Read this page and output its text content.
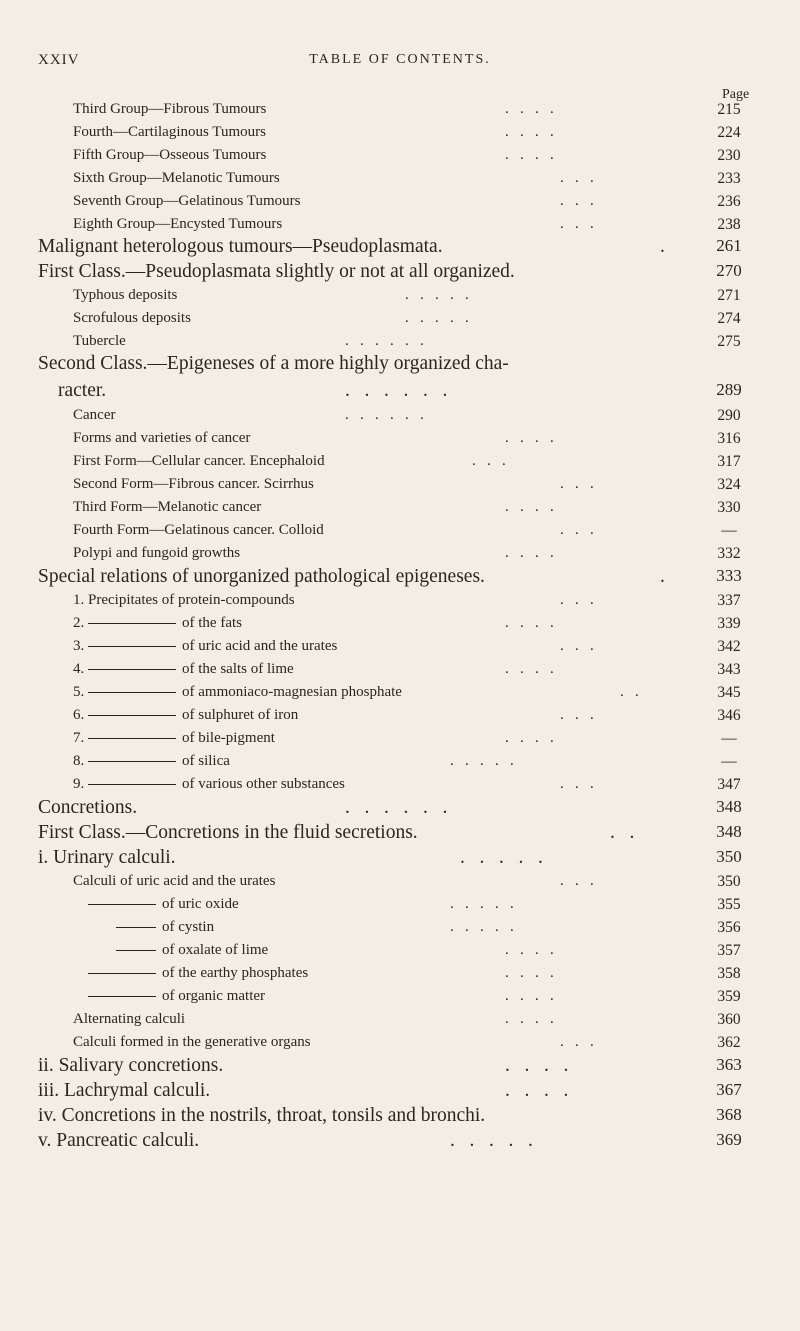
XXIV	TABLE OF CONTENTS.
Page
Third Group—Fibrous Tumours	.   .   .   .	215
Fourth—Cartilaginous Tumours	.   .   .   .	224
Fifth Group—Osseous Tumours	.   .   .   .	230
Sixth Group—Melanotic Tumours	.   .   .	233
Seventh Group—Gelatinous Tumours	.   .   .	236
Eighth Group—Encysted Tumours	.   .   .	238
Malignant heterologous tumours—Pseudoplasmata.	.	261
First Class.—Pseudoplasmata slightly or not at all organized.	270
Typhous deposits	.   .   .   .   .	271
Scrofulous deposits	.   .   .   .   .	274
Tubercle	.   .   .   .   .   .	275
Second Class.—Epigeneses of a more highly organized cha-
racter.	.   .   .   .   .   .	289
Cancer	.   .   .   .   .   .	290
Forms and varieties of cancer	.   .   .   .	316
First Form—Cellular cancer. Encephaloid	.   .   .	317
Second Form—Fibrous cancer. Scirrhus	.   .   .	324
Third Form—Melanotic cancer	.   .   .   .	330
Fourth Form—Gelatinous cancer. Colloid	.   .   .	—
Polypi and fungoid growths	.   .   .   .	332
Special relations of unorganized pathological epigeneses.	.	333
1. Precipitates of protein-compounds	.   .   .	337
2.	of the fats	.   .   .   .	339
3.	of uric acid and the urates	.   .   .	342
4.	of the salts of lime	.   .   .   .	343
5.	of ammoniaco-magnesian phosphate	.   .	345
6.	of sulphuret of iron	.   .   .	346
7.	of bile-pigment	.   .   .   .	—
8.	of silica	.   .   .   .   .	—
9.	of various other substances	.   .   .	347
Concretions.	.   .   .   .   .   .	348
First Class.—Concretions in the fluid secretions.	.   .	348
i. Urinary calculi.	.   .   .   .   .	350
Calculi of uric acid and the urates	.   .   .	350
of uric oxide	.   .   .   .   .	355
of cystin	.   .   .   .   .	356
of oxalate of lime	.   .   .   .	357
of the earthy phosphates	.   .   .   .	358
of organic matter	.   .   .   .	359
Alternating calculi	.   .   .   .	360
Calculi formed in the generative organs	.   .   .	362
ii. Salivary concretions.	.   .   .   .	363
iii. Lachrymal calculi.	.   .   .   .	367
iv. Concretions in the nostrils, throat, tonsils and bronchi.	368
v. Pancreatic calculi.	.   .   .   .   .	369
